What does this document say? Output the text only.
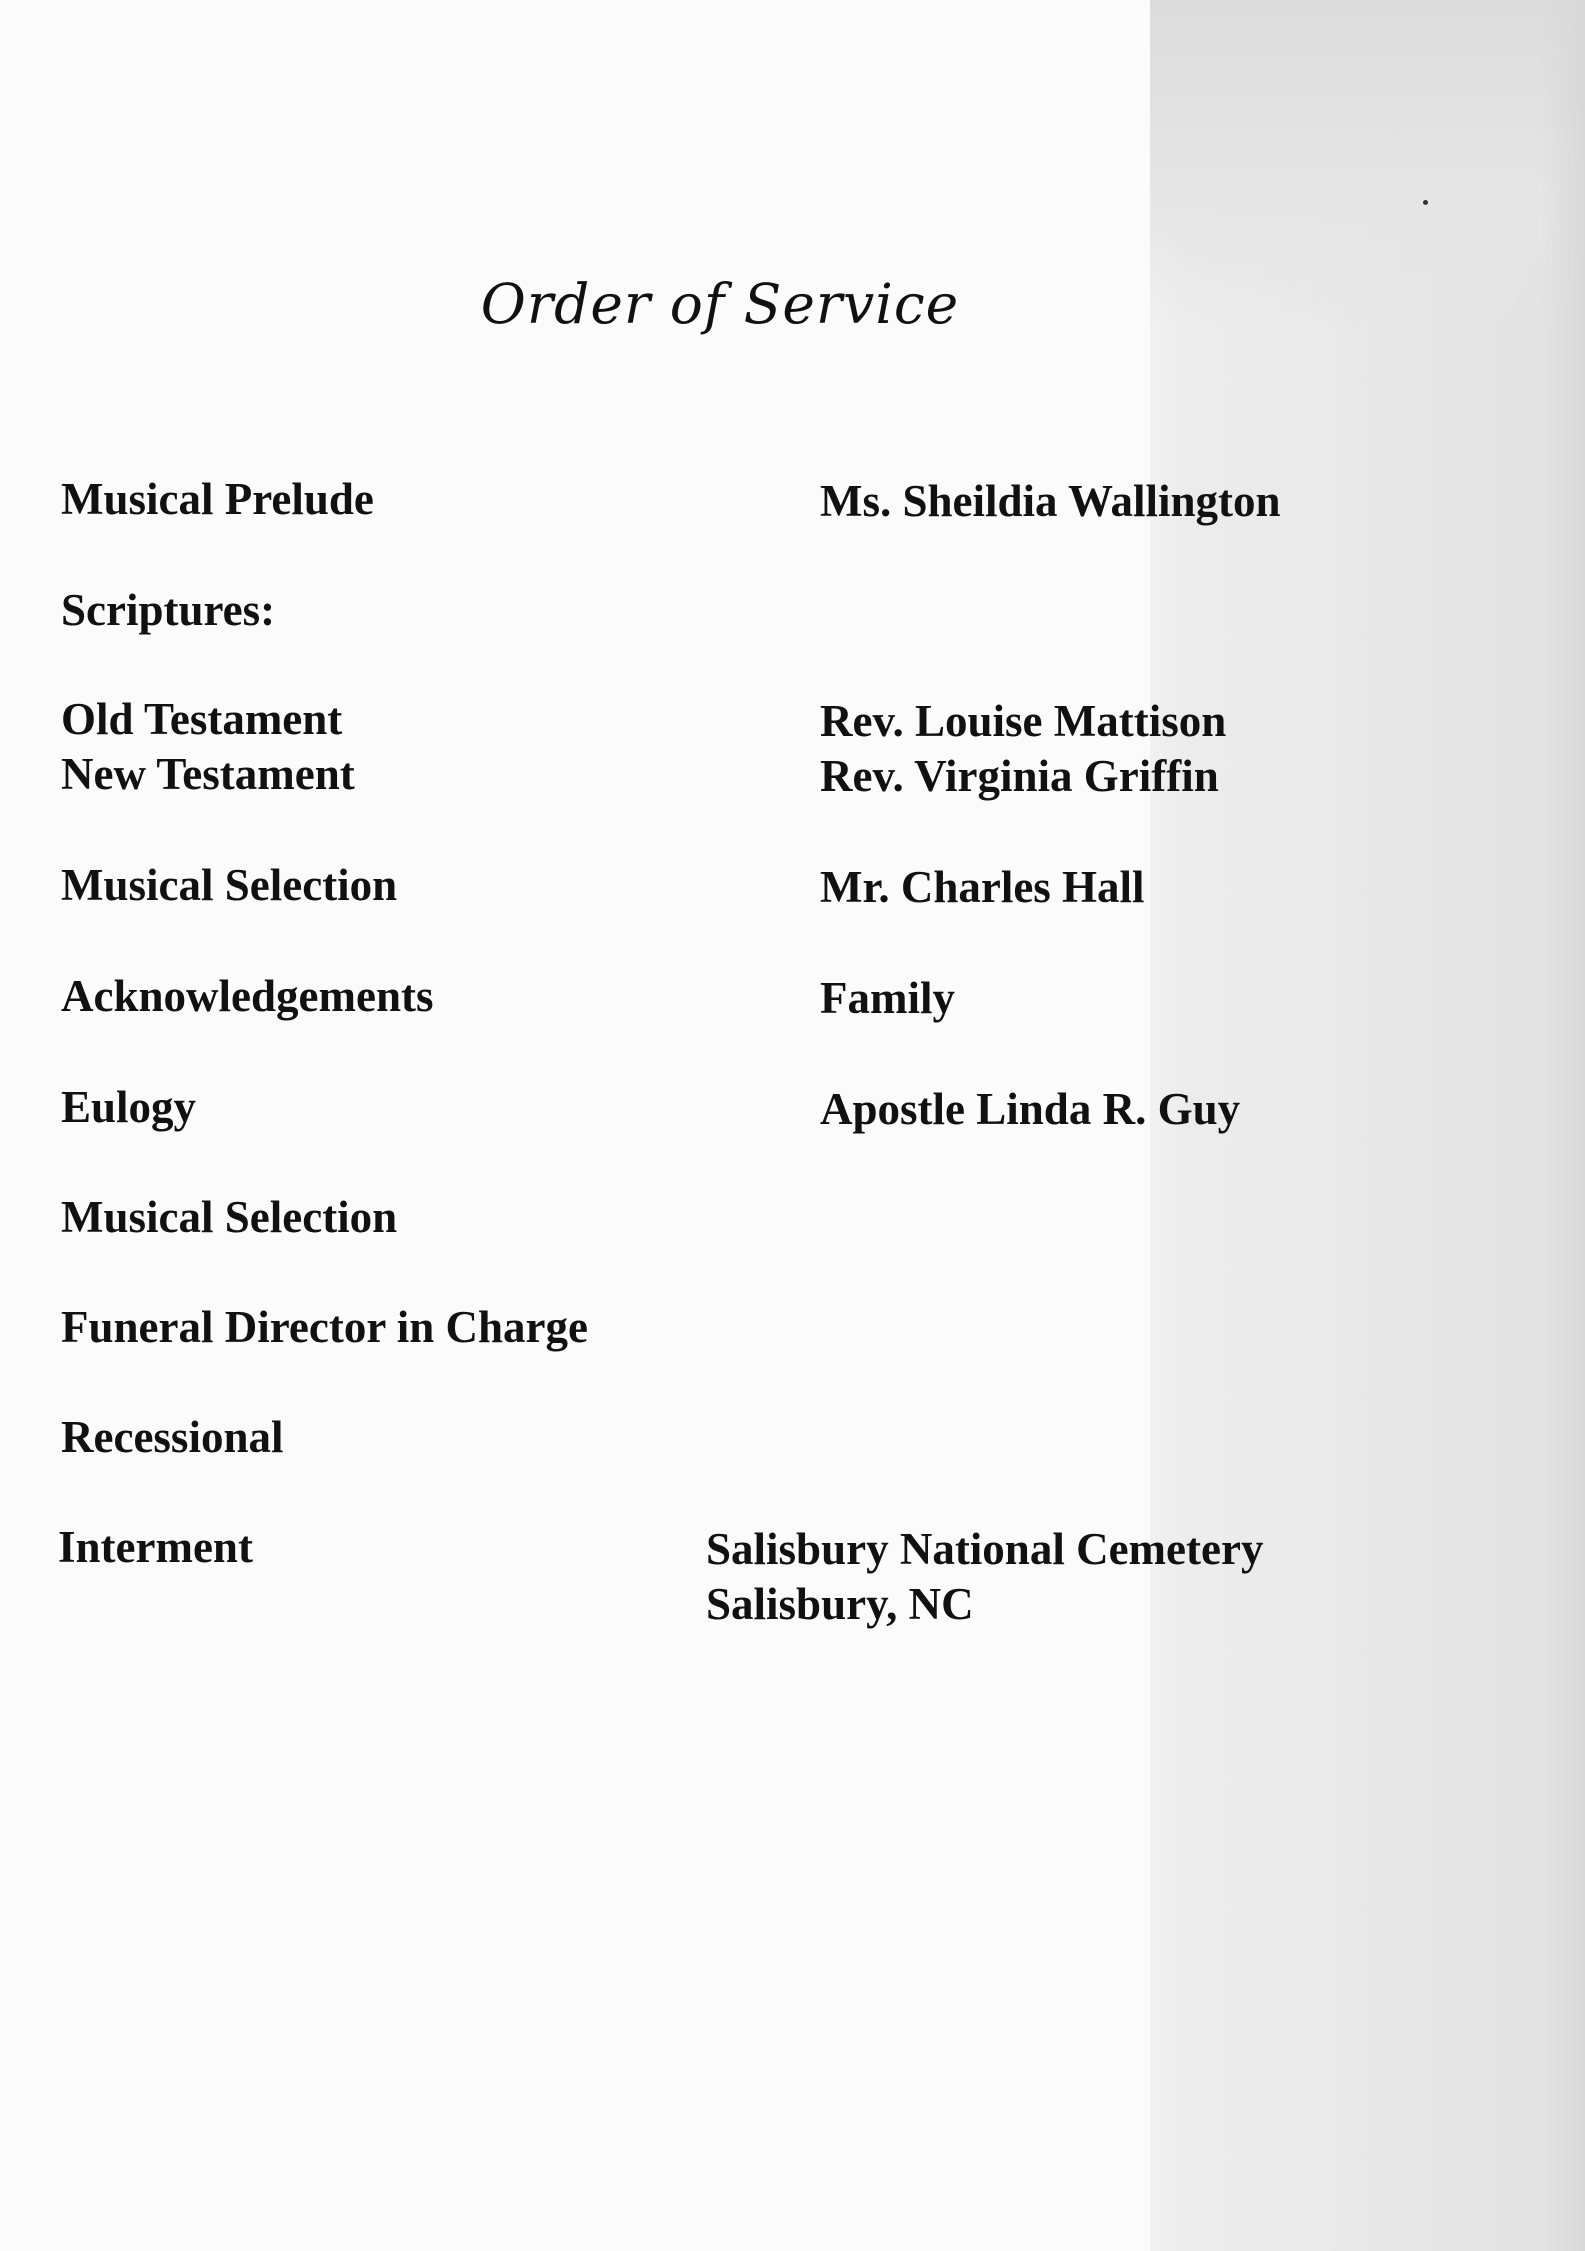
Order of Service
Musical Prelude	Ms. Sheildia Wallington
Scriptures:
Old Testament	Rev. Louise Mattison
New Testament	Rev. Virginia Griffin
Musical Selection	Mr. Charles Hall
Acknowledgements	Family
Eulogy	Apostle Linda R. Guy
Musical Selection
Funeral Director in Charge
Recessional
Interment	Salisbury National Cemetery
Salisbury, NC
